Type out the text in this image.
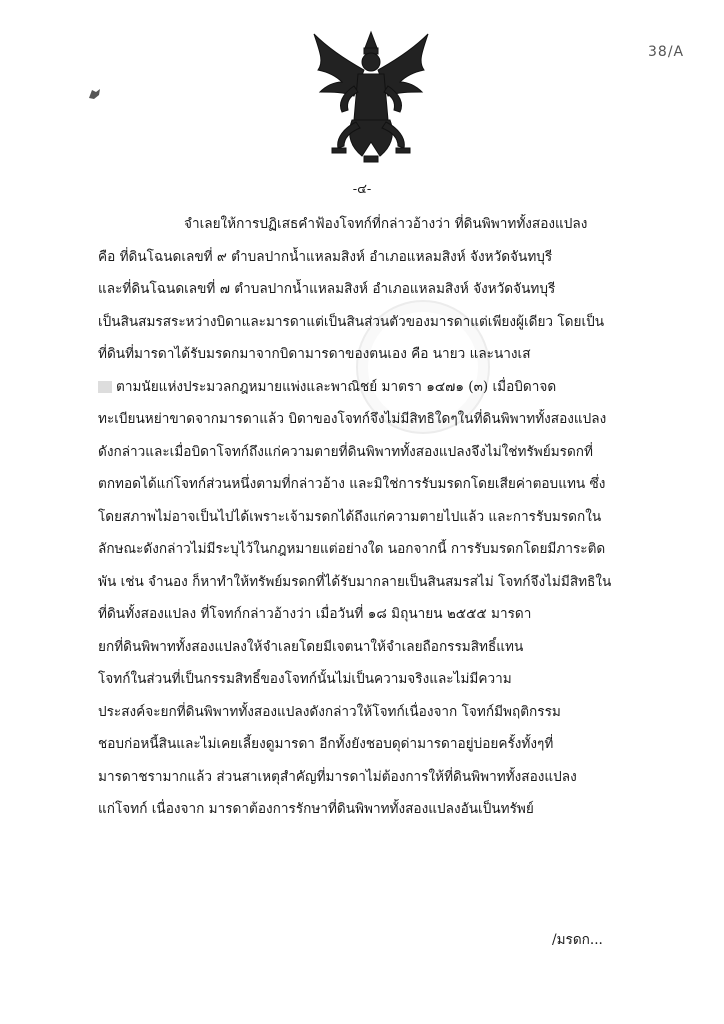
38/A
-๔-
จำเลยให้การปฏิเสธคำฟ้องโจทก์ที่กล่าวอ้างว่า ที่ดินพิพาททั้งสองแปลง
คือ ที่ดินโฉนดเลขที่ ๙ ตำบลปากน้ำแหลมสิงห์ อำเภอแหลมสิงห์ จังหวัดจันทบุรี
และที่ดินโฉนดเลขที่ ๗ ตำบลปากน้ำแหลมสิงห์ อำเภอแหลมสิงห์ จังหวัดจันทบุรี
เป็นสินสมรสระหว่างบิดาและมารดาแต่เป็นสินส่วนตัวของมารดาแต่เพียงผู้เดียว โดยเป็น
ที่ดินที่มารดาได้รับมรดกมาจากบิดามารดาของตนเอง คือ นายว และนางเส
ตามนัยแห่งประมวลกฎหมายแพ่งและพาณิชย์ มาตรา ๑๔๗๑ (๓) เมื่อบิดาจด
ทะเบียนหย่าขาดจากมารดาแล้ว บิดาของโจทก์จึงไม่มีสิทธิใดๆในที่ดินพิพาททั้งสองแปลง
ดังกล่าวและเมื่อบิดาโจทก์ถึงแก่ความตายที่ดินพิพาททั้งสองแปลงจึงไม่ใช่ทรัพย์มรดกที่
ตกทอดได้แก่โจทก์ส่วนหนึ่งตามที่กล่าวอ้าง และมิใช่การรับมรดกโดยเสียค่าตอบแทน ซึ่ง
โดยสภาพไม่อาจเป็นไปได้เพราะเจ้ามรดกได้ถึงแก่ความตายไปแล้ว และการรับมรดกใน
ลักษณะดังกล่าวไม่มีระบุไว้ในกฎหมายแต่อย่างใด นอกจากนี้ การรับมรดกโดยมีภาระติด
พัน เช่น จำนอง ก็หาทำให้ทรัพย์มรดกที่ได้รับมากลายเป็นสินสมรสไม่ โจทก์จึงไม่มีสิทธิใน
ที่ดินทั้งสองแปลง ที่โจทก์กล่าวอ้างว่า เมื่อวันที่ ๑๘ มิถุนายน ๒๕๕๕ มารดา
ยกที่ดินพิพาททั้งสองแปลงให้จำเลยโดยมีเจตนาให้จำเลยถือกรรมสิทธิ์แทน
โจทก์ในส่วนที่เป็นกรรมสิทธิ์ของโจทก์นั้นไม่เป็นความจริงและไม่มีความ
ประสงค์จะยกที่ดินพิพาททั้งสองแปลงดังกล่าวให้โจทก์เนื่องจาก โจทก์มีพฤติกรรม
ชอบก่อหนี้สินและไม่เคยเลี้ยงดูมารดา อีกทั้งยังชอบดุด่ามารดาอยู่บ่อยครั้งทั้งๆที่
มารดาชรามากแล้ว ส่วนสาเหตุสำคัญที่มารดาไม่ต้องการให้ที่ดินพิพาททั้งสองแปลง
แก่โจทก์ เนื่องจาก มารดาต้องการรักษาที่ดินพิพาททั้งสองแปลงอันเป็นทรัพย์
/มรดก...
